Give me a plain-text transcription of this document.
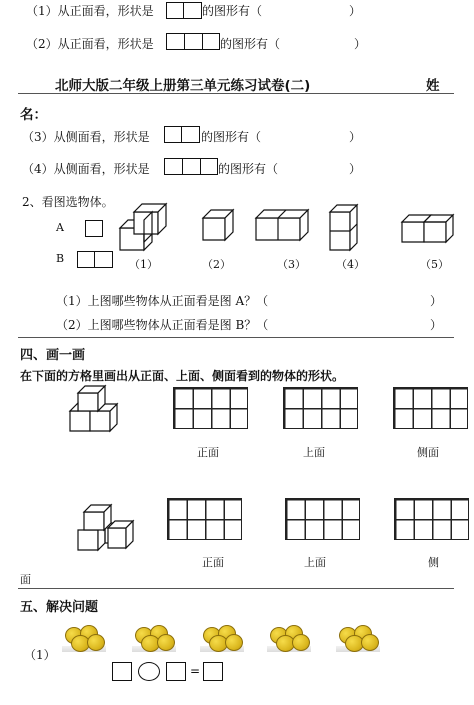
（1）从正面看，形状是	的图形有（	）
（2）从正面看，形状是	的图形有（	）
北师大版二年级上册第三单元练习试卷(二)	姓
名：
（3）从侧面看，形状是	的图形有（	）
（4）从侧面看，形状是	的图形有（	）
2、看图选物体。
A
B	（1）	（2）	（3）	（4）	（5）
（1）上图哪些物体从正面看是图 A？（	）
（2）上图哪些物体从正面看是图 B？（	）
四、画一画
在下面的方格里画出从正面、上面、侧面看到的物体的形状。
正面	上面	侧面
正面	上面	侧
面
五、解决问题
（1）
=
